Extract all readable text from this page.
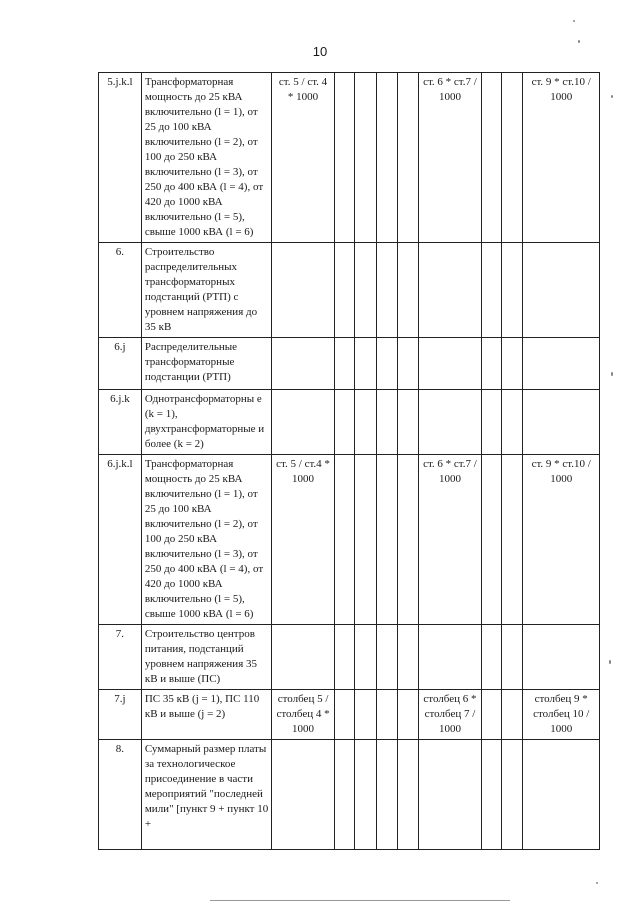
10
5.j.k.l	Трансформаторная мощность до 25 кВА включительно (l = 1), от 25 до 100 кВА включительно (l = 2), от 100 до 250 кВА включительно (l = 3), от 250 до 400 кВА (l = 4), от 420 до 1000 кВА включительно (l = 5), свыше 1000 кВА (l = 6)	ст. 5 / ст. 4 * 1000					ст. 6 * ст.7 / 1000			ст. 9 * ст.10 / 1000
6.	Строительство распределительных трансформаторных подстанций (РТП) с уровнем напряжения до 35 кВ									

6.j	Распределительные трансформаторные подстанции (РТП)									

6.j.k	Однотрансформаторны е (k = 1), двухтрансформаторные и более (k = 2)									

6.j.k.l	Трансформаторная мощность до 25 кВА включительно (l = 1), от 25 до 100 кВА включительно (l = 2), от 100 до 250 кВА включительно (l = 3), от 250 до 400 кВА (l = 4), от 420 до 1000 кВА включительно (l = 5), свыше 1000 кВА (l = 6)	ст. 5 / ст.4 * 1000					ст. 6 * ст.7 / 1000			ст. 9 * ст.10 / 1000
7.	Строительство центров питания, подстанций уровнем напряжения 35 кВ и выше (ПС)									

7.j	ПС 35 кВ (j = 1), ПС 110 кВ и выше (j = 2)	столбец 5 / столбец 4 * 1000					столбец 6 * столбец 7 / 1000			столбец 9 * столбец 10 / 1000
8.	Суммарный размер платы за технологическое присоединение в части мероприятий "последней мили" [пункт 9 + пункт 10 +									
